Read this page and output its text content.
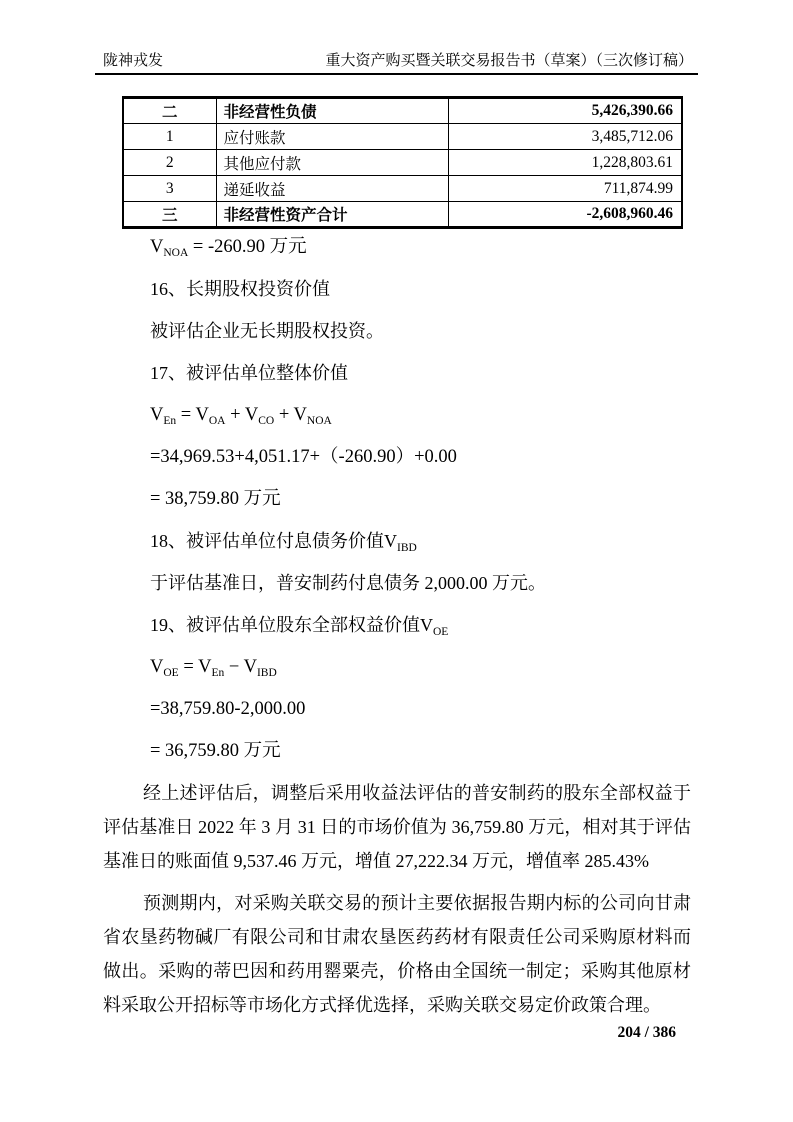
陇神戎发	重大资产购买暨关联交易报告书（草案）（三次修订稿）
二	非经营性负债	5,426,390.66
1	应付账款	3,485,712.06
2	其他应付款	1,228,803.61
3	递延收益	711,874.99
三	非经营性资产合计	-2,608,960.46
$V_{NOA} = -260.90$ 万元
16、长期股权投资价值
被评估企业无长期股权投资。
17、被评估单位整体价值
$V_{En} = V_{OA} + V_{CO} + V_{NOA}$
=34,969.53+4,051.17+（-260.90）+0.00
= 38,759.80 万元
18、被评估单位付息债务价值$V_{IBD}$
于评估基准日，普安制药付息债务 2,000.00 万元。
19、被评估单位股东全部权益价值$V_{OE}$
$V_{OE} = V_{En} - V_{IBD}$
=38,759.80-2,000.00
= 36,759.80 万元
经上述评估后，调整后采用收益法评估的普安制药的股东全部权益于评估基准日 2022 年 3 月 31 日的市场价值为 36,759.80 万元，相对其于评估基准日的账面值 9,537.46 万元，增值 27,222.34 万元，增值率 285.43%
预测期内，对采购关联交易的预计主要依据报告期内标的公司向甘肃省农垦药物碱厂有限公司和甘肃农垦医药药材有限责任公司采购原材料而做出。采购的蒂巴因和药用罂粟壳，价格由全国统一制定；采购其他原材料采取公开招标等市场化方式择优选择，采购关联交易定价政策合理。
204 / 386
